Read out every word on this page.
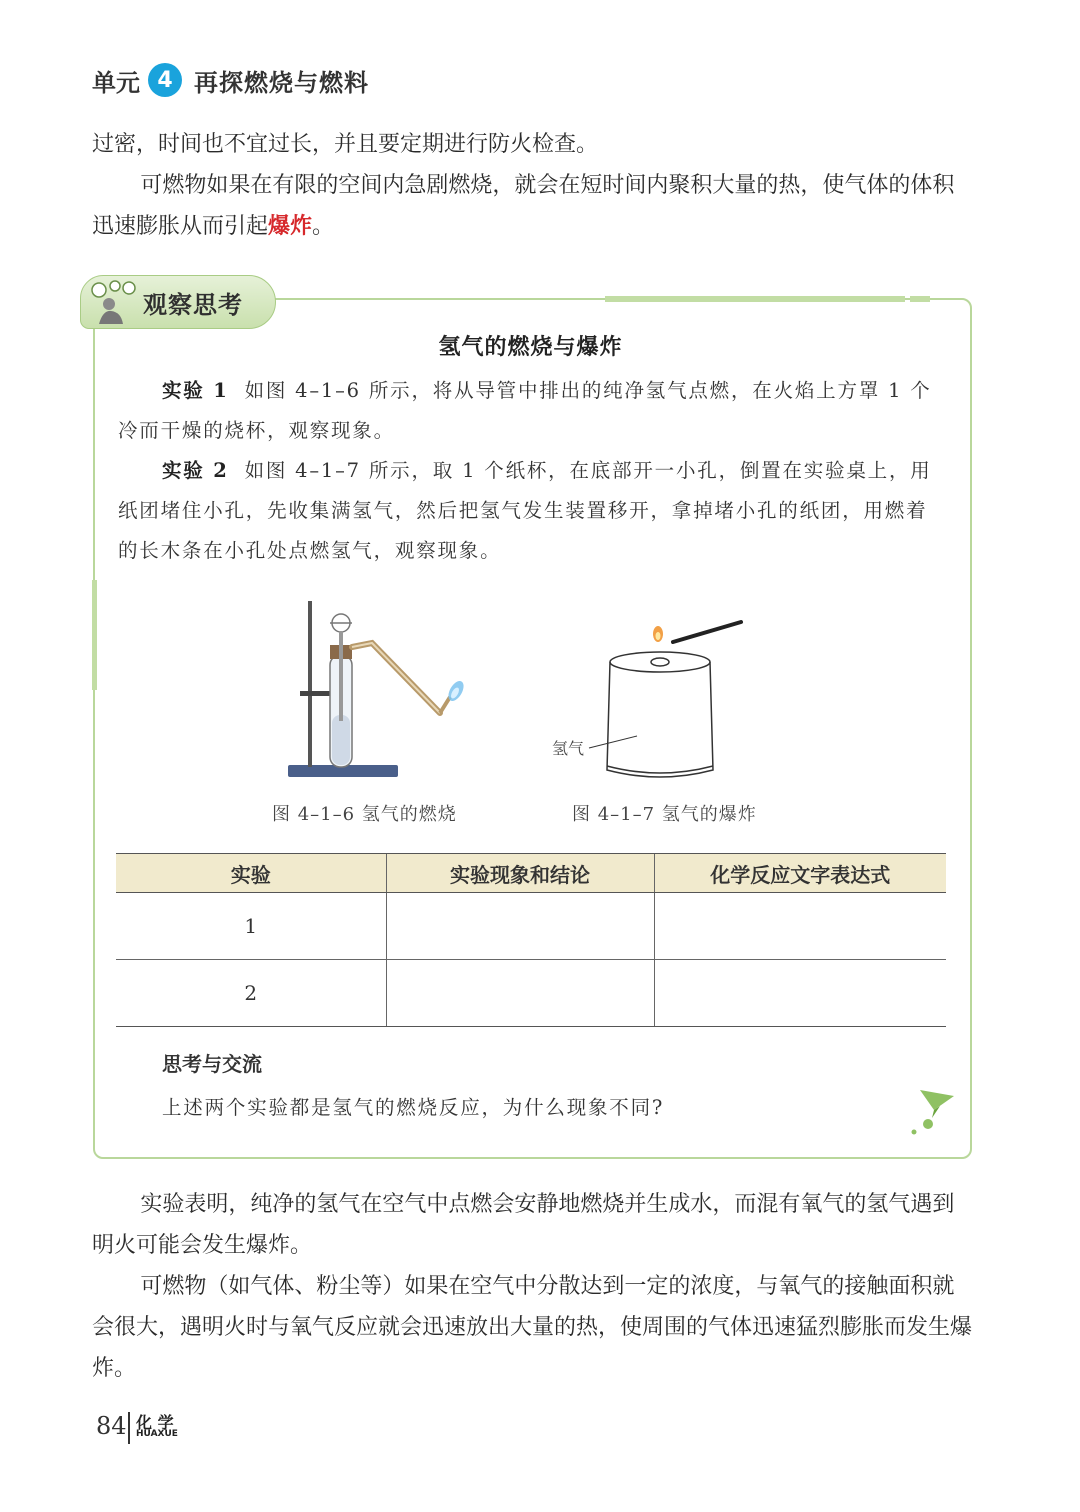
单元 4 再探燃烧与燃料

过密，时间也不宜过长，并且要定期进行防火检查。

可燃物如果在有限的空间内急剧燃烧，就会在短时间内聚积大量的热，使气体的体积迅速膨胀从而引起爆炸。

观察思考
氢气的燃烧与爆炸

实验 1 如图 4–1–6 所示，将从导管中排出的纯净氢气点燃，在火焰上方罩 1 个冷而干燥的烧杯，观察现象。

实验 2 如图 4–1–7 所示，取 1 个纸杯，在底部开一小孔，倒置在实验桌上，用纸团堵住小孔，先收集满氢气，然后把氢气发生装置移开，拿掉堵小孔的纸团，用燃着的长木条在小孔处点燃氢气，观察现象。

图 4–1–6 氢气的燃烧
氢气
图 4–1–7 氢气的爆炸
实验	实验现象和结论	化学反应文字表达式
1		
2		
思考与交流
上述两个实验都是氢气的燃烧反应，为什么现象不同?

实验表明，纯净的氢气在空气中点燃会安静地燃烧并生成水，而混有氧气的氢气遇到明火可能会发生爆炸。

可燃物（如气体、粉尘等）如果在空气中分散达到一定的浓度，与氧气的接触面积就会很大，遇明火时与氧气反应就会迅速放出大量的热，使周围的气体迅速猛烈膨胀而发生爆炸。

84 化 学
HUAXUE
